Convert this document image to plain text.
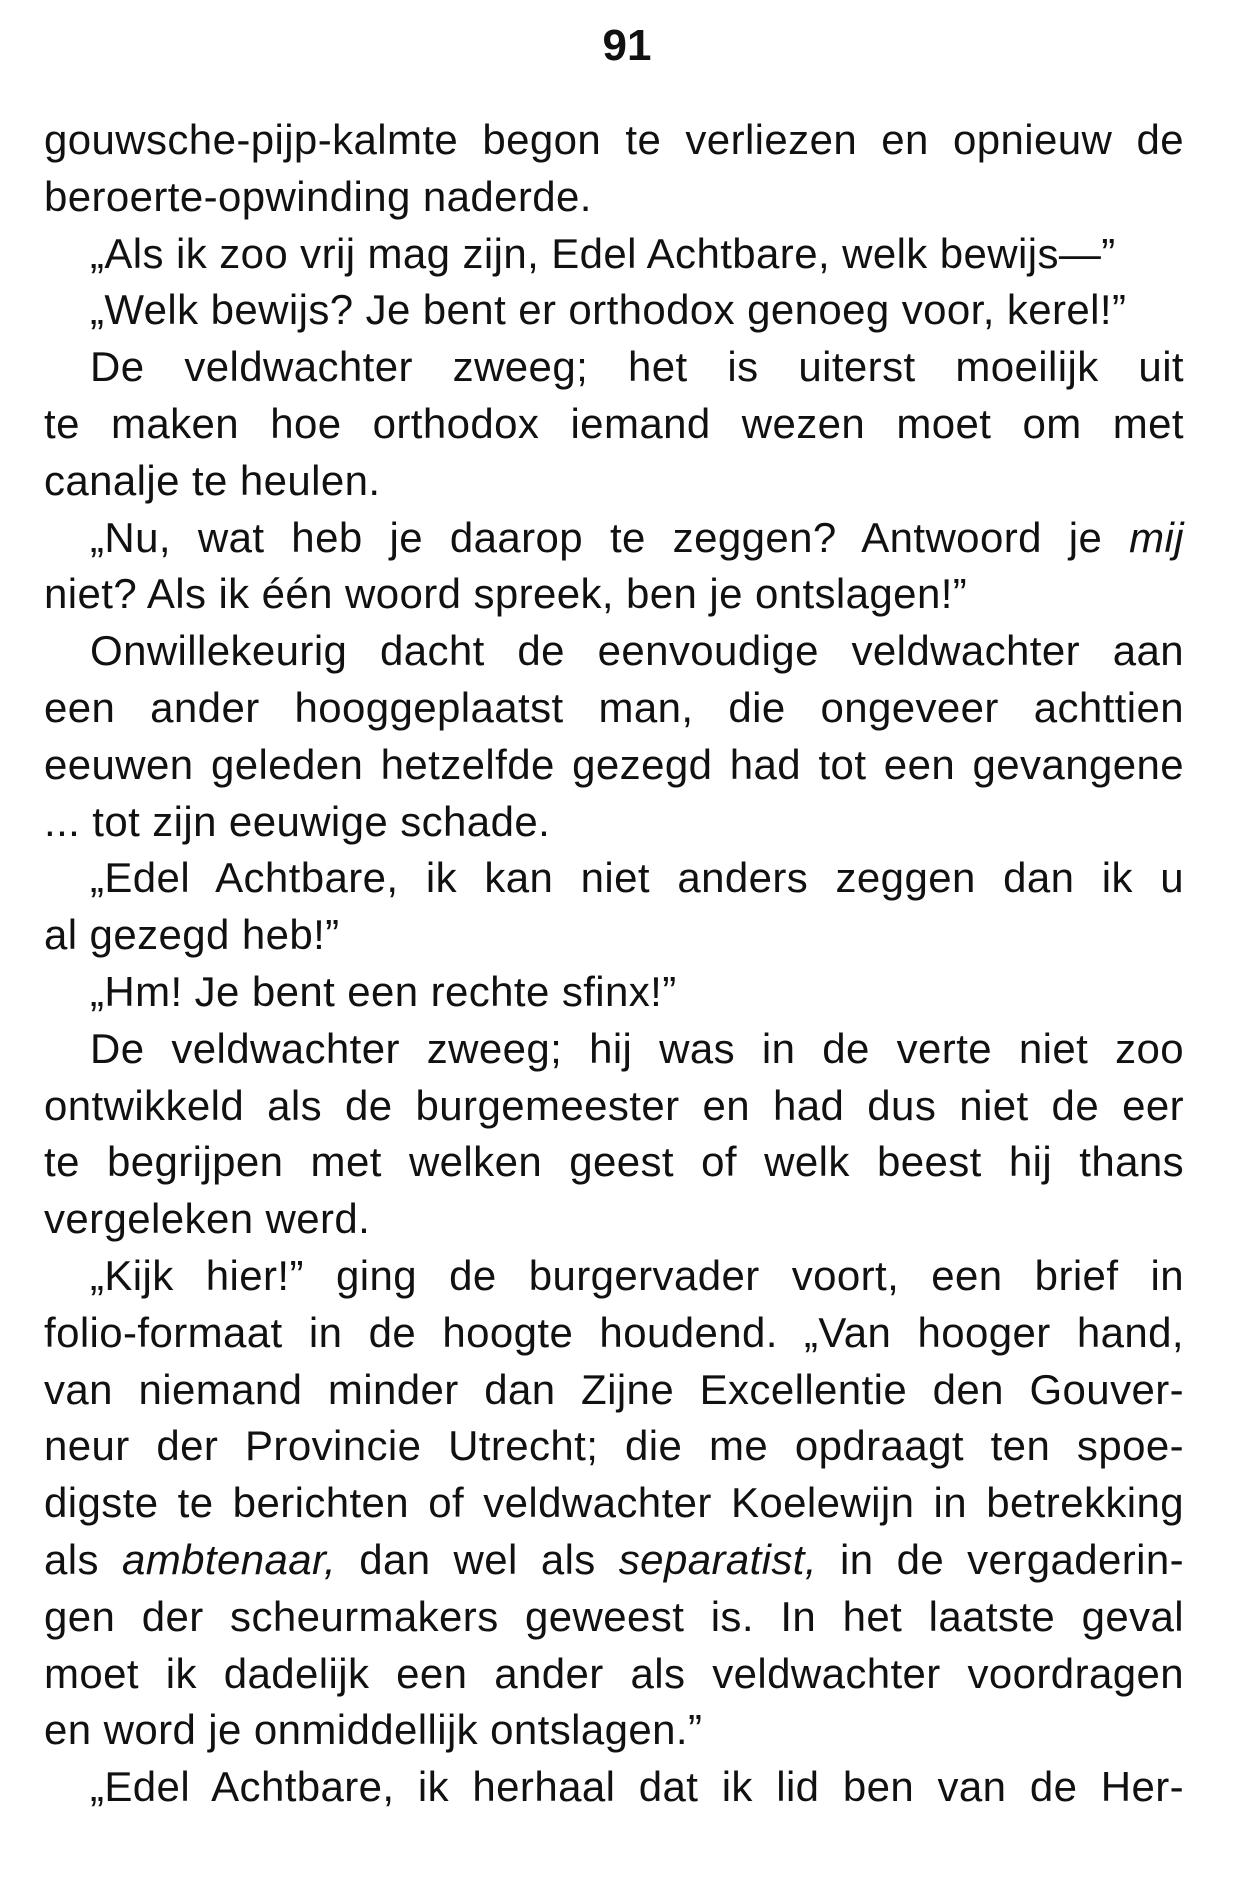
91
gouwsche-pijp-kalmte begon te verliezen en opnieuw de
beroerte-opwinding naderde.
„Als ik zoo vrij mag zijn, Edel Achtbare, welk bewijs—”
„Welk bewijs? Je bent er orthodox genoeg voor, kerel!”
De veldwachter zweeg; het is uiterst moeilijk uit
te maken hoe orthodox iemand wezen moet om met
canalje te heulen.
„Nu, wat heb je daarop te zeggen? Antwoord je mij
niet? Als ik één woord spreek, ben je ontslagen!”
Onwillekeurig dacht de eenvoudige veldwachter aan
een ander hooggeplaatst man, die ongeveer achttien
eeuwen geleden hetzelfde gezegd had tot een gevangene
... tot zijn eeuwige schade.
„Edel Achtbare, ik kan niet anders zeggen dan ik u
al gezegd heb!”
„Hm! Je bent een rechte sfinx!”
De veldwachter zweeg; hij was in de verte niet zoo
ontwikkeld als de burgemeester en had dus niet de eer
te begrijpen met welken geest of welk beest hij thans
vergeleken werd.
„Kijk hier!” ging de burgervader voort, een brief in
folio-formaat in de hoogte houdend. „Van hooger hand,
van niemand minder dan Zijne Excellentie den Gouver-
neur der Provincie Utrecht; die me opdraagt ten spoe-
digste te berichten of veldwachter Koelewijn in betrekking
als ambtenaar, dan wel als separatist, in de vergaderin-
gen der scheurmakers geweest is. In het laatste geval
moet ik dadelijk een ander als veldwachter voordragen
en word je onmiddellijk ontslagen.”
„Edel Achtbare, ik herhaal dat ik lid ben van de Her-
